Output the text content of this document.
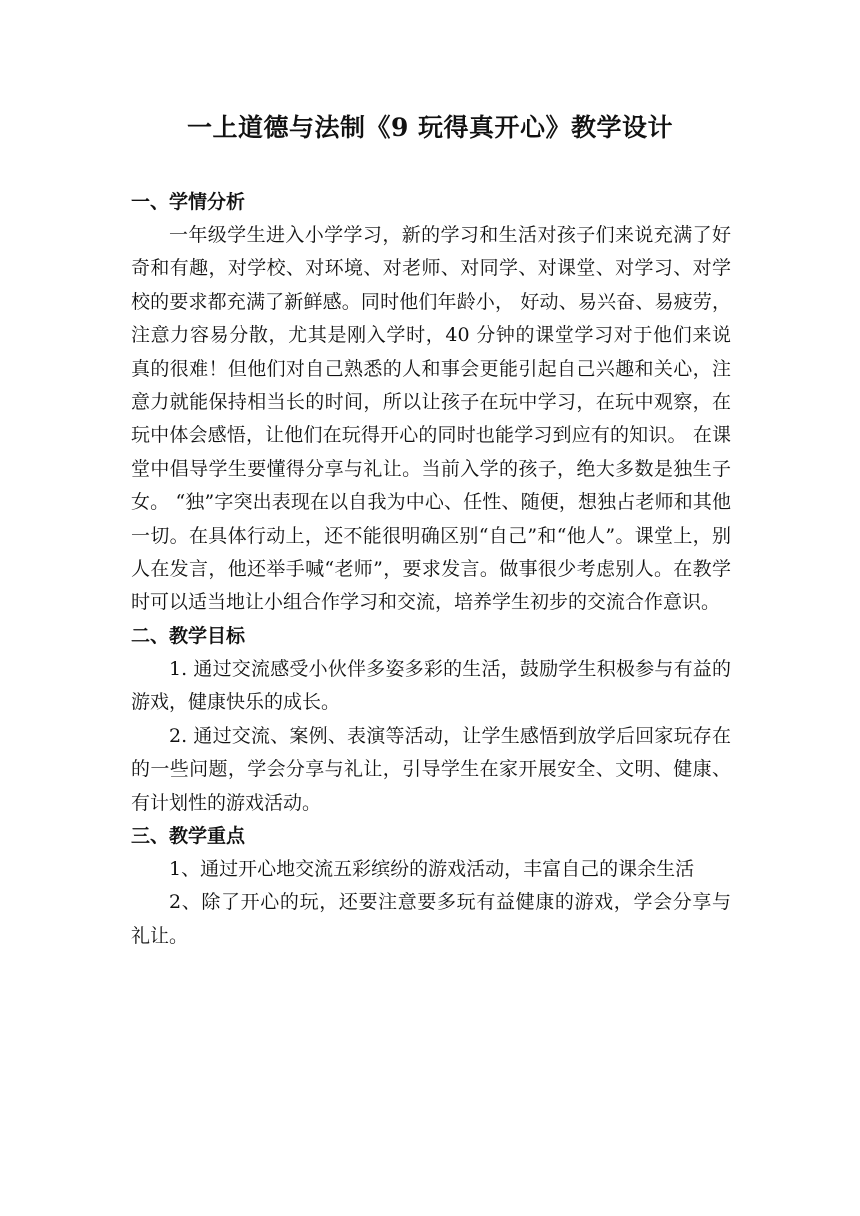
一上道德与法制《9 玩得真开心》教学设计
一、学情分析

一年级学生进入小学学习，新的学习和生活对孩子们来说充满了好奇和有趣，对学校、对环境、对老师、对同学、对课堂、对学习、对学校的要求都充满了新鲜感。同时他们年龄小， 好动、易兴奋、易疲劳，注意力容易分散，尤其是刚入学时，40 分钟的课堂学习对于他们来说真的很难！但他们对自己熟悉的人和事会更能引起自己兴趣和关心，注意力就能保持相当长的时间，所以让孩子在玩中学习，在玩中观察，在玩中体会感悟，让他们在玩得开心的同时也能学习到应有的知识。 在课堂中倡导学生要懂得分享与礼让。当前入学的孩子，绝大多数是独生子女。 “独”字突出表现在以自我为中心、任性、随便，想独占老师和其他一切。在具体行动上，还不能很明确区别“自己”和“他人”。课堂上，别人在发言，他还举手喊“老师”，要求发言。做事很少考虑别人。在教学时可以适当地让小组合作学习和交流，培养学生初步的交流合作意识。

二、教学目标

1. 通过交流感受小伙伴多姿多彩的生活，鼓励学生积极参与有益的游戏，健康快乐的成长。

2. 通过交流、案例、表演等活动，让学生感悟到放学后回家玩存在的一些问题，学会分享与礼让，引导学生在家开展安全、文明、健康、有计划性的游戏活动。

三、教学重点

1、通过开心地交流五彩缤纷的游戏活动，丰富自己的课余生活

2、除了开心的玩，还要注意要多玩有益健康的游戏，学会分享与礼让。
